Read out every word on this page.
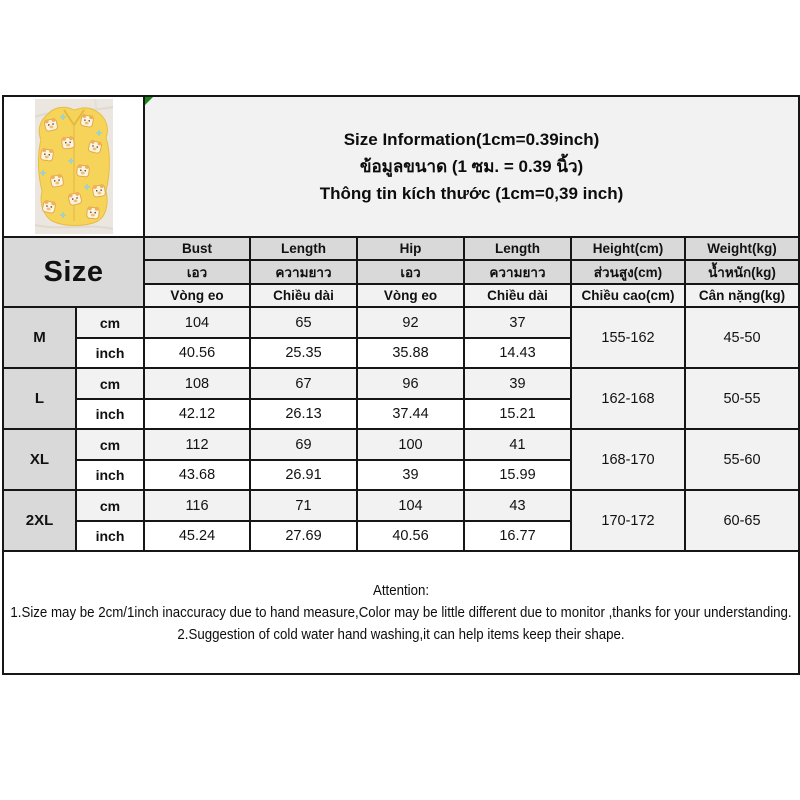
Size Information(1cm=0.39inch)
ข้อมูลขนาด (1 ซม. = 0.39 นิ้ว)
Thông tin kích thước (1cm=0,39 inch)					

Size		Bust	Length	Hip	Length	Height(cm)	Weight(kg)
		เอว	ความยาว	เอว	ความยาว	ส่วนสูง(cm)	น้ำหนัก(kg)
		Vòng eo	Chiều dài	Vòng eo	Chiều dài	Chiều cao(cm)	Cân nặng(kg)
M	cm	104	65	92	37	155-162	45-50
	inch	40.56	25.35	35.88	14.43		
L	cm	108	67	96	39	162-168	50-55
	inch	42.12	26.13	37.44	15.21		
XL	cm	112	69	100	41	168-170	55-60
	inch	43.68	26.91	39	15.99		
2XL	cm	116	71	104	43	170-172	60-65
	inch	45.24	27.69	40.56	16.77		

Attention:
1.Size may be 2cm/1inch inaccuracy due to hand measure,Color may be little different due to monitor ,thanks for your understanding.
2.Suggestion of cold water hand washing,it can help items keep their shape.							
